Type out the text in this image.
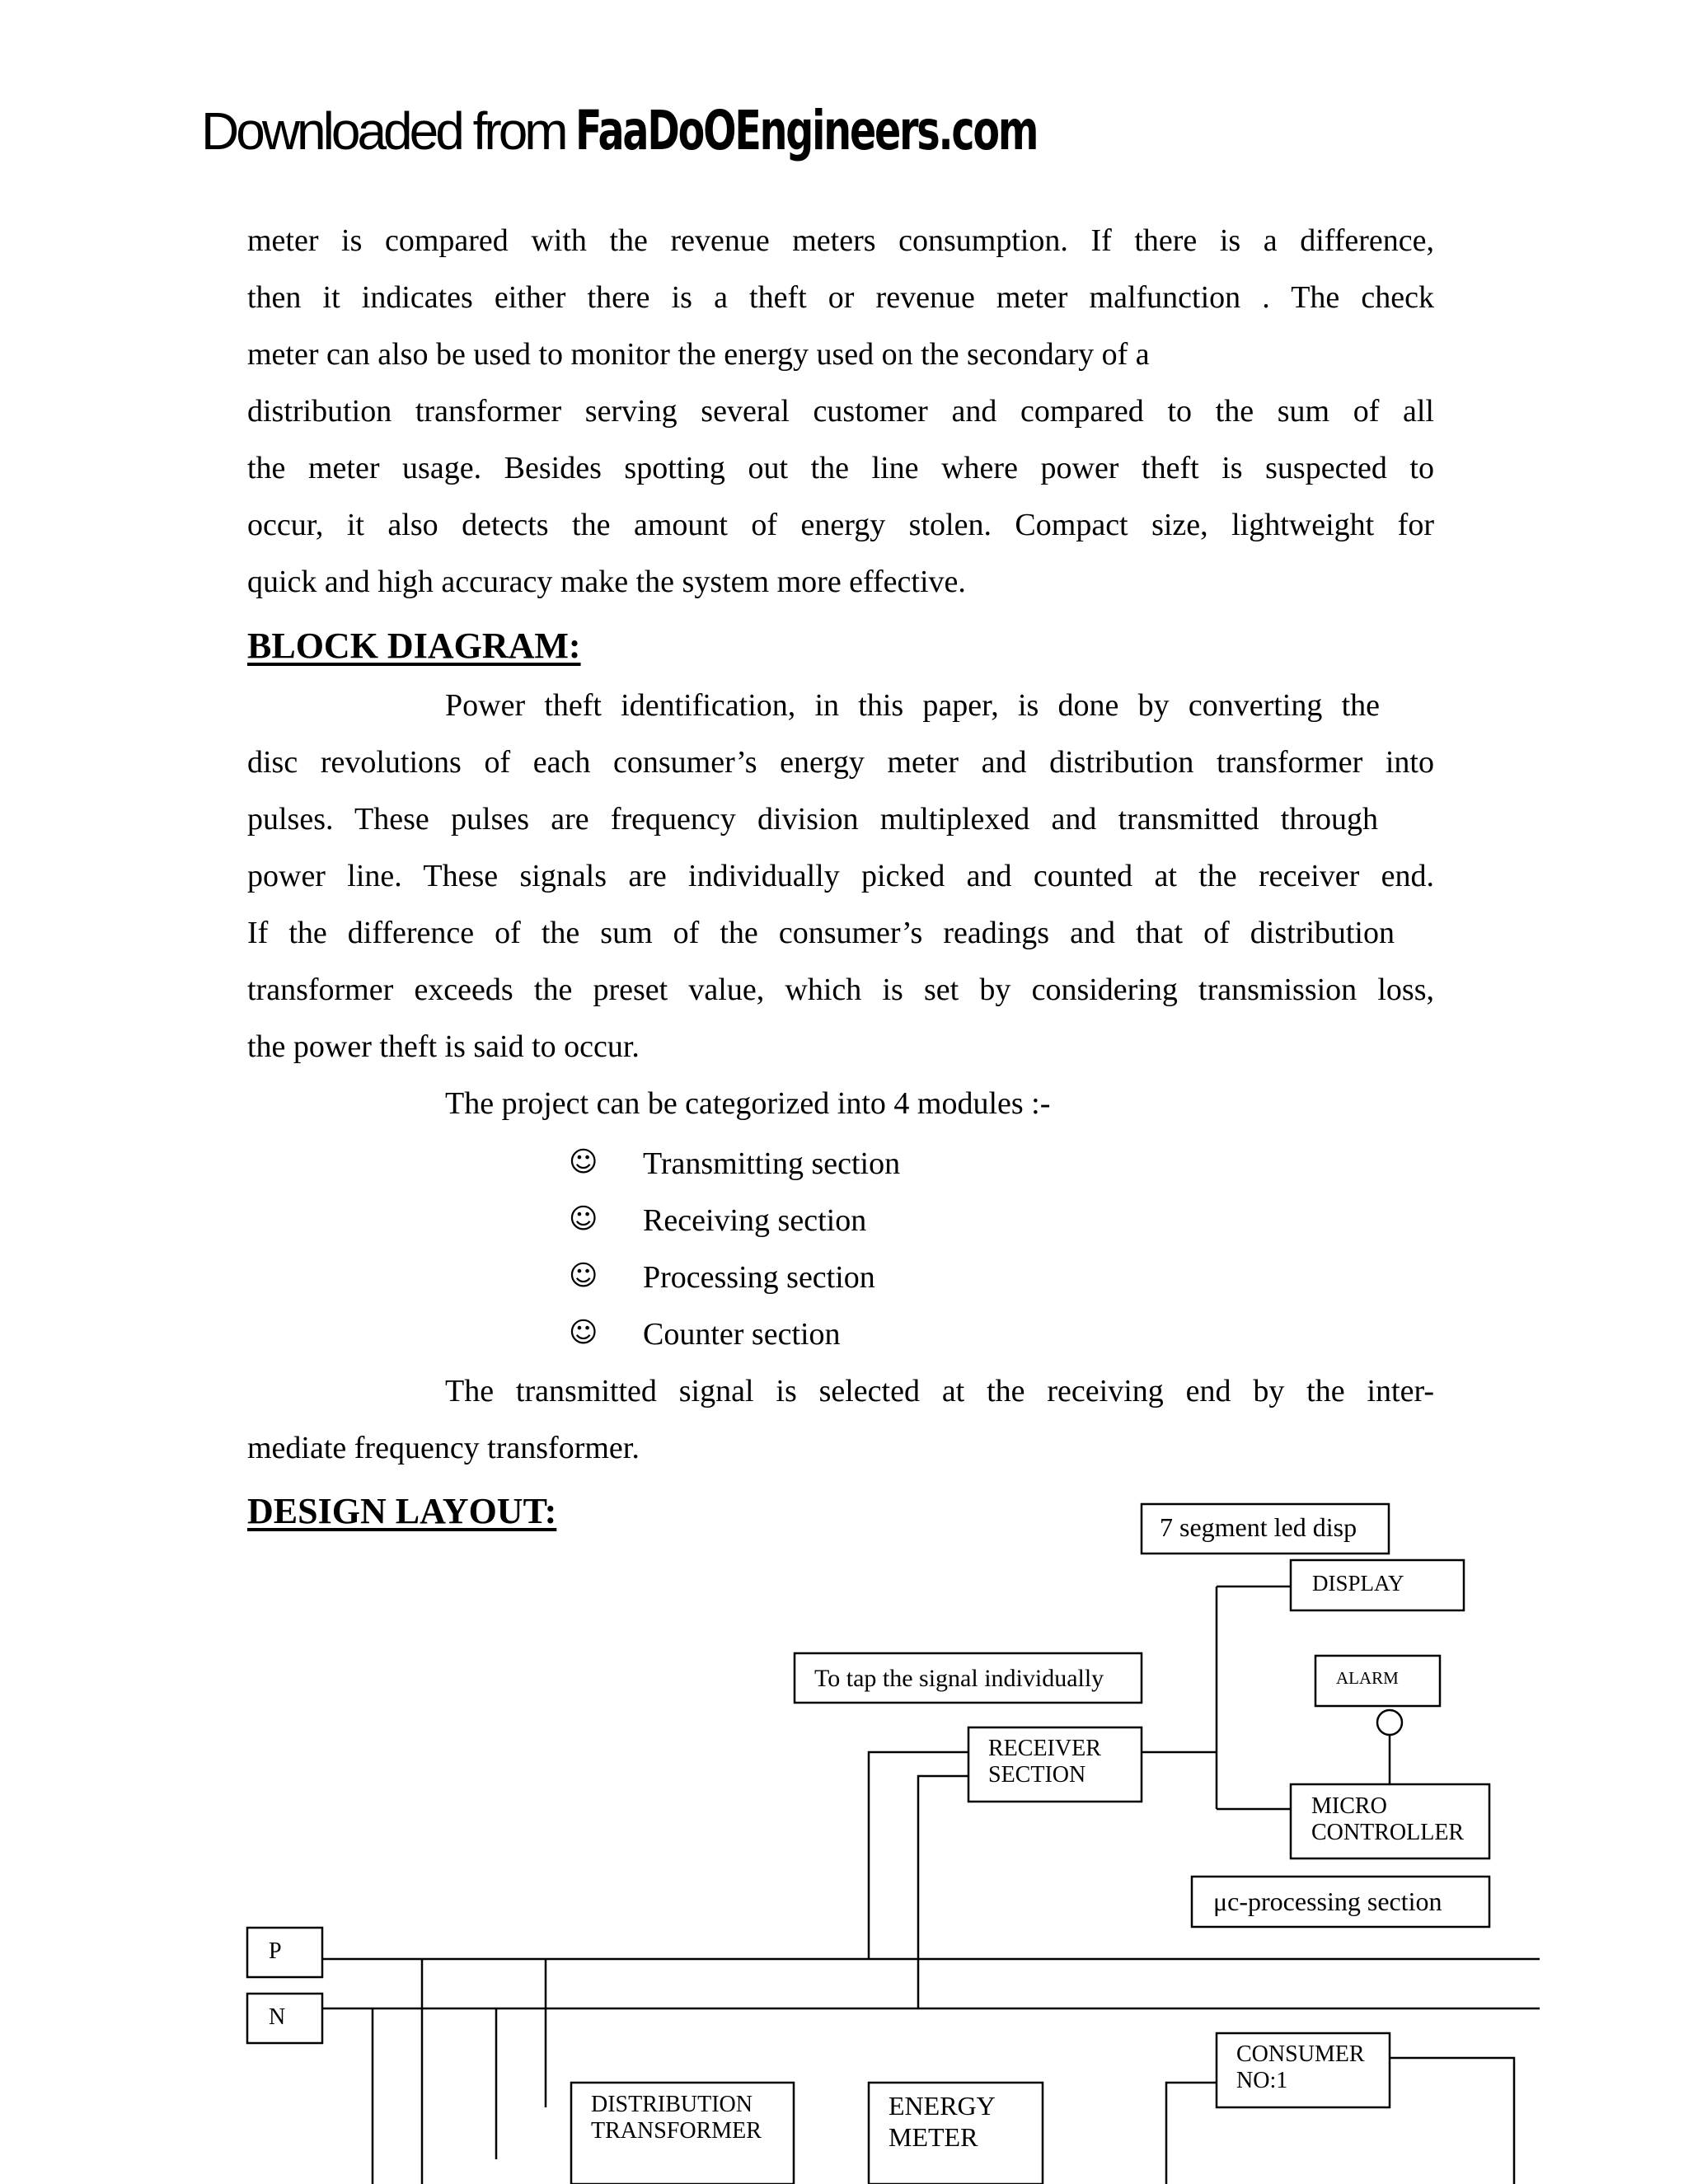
Downloaded from FaaDoOEngineers.com
meter is compared with the revenue meters consumption. If there is a difference,
then it indicates either there is a theft or revenue meter malfunction . The check
meter can also be used to monitor the energy used on the secondary of a
distribution transformer serving several customer and compared to the sum of all
the meter usage. Besides spotting out the line where power theft is suspected to
occur, it also detects the amount of energy stolen. Compact size, lightweight for
quick and high accuracy make the system more effective.
BLOCK DIAGRAM:
Power theft identification, in this paper, is done by converting the
disc revolutions of each consumer’s energy meter and distribution transformer into
pulses. These pulses are frequency division multiplexed and transmitted through
power line. These signals are individually picked and counted at the receiver end.
If the difference of the sum of the consumer’s readings and that of distribution
transformer exceeds the preset value, which is set by considering transmission loss,
the power theft is said to occur.
The project can be categorized into 4 modules :-
☺ Transmitting section
☺ Receiving section
☺ Processing section
☺ Counter section
The transmitted signal is selected at the receiving end by the inter-
mediate frequency transformer.
DESIGN LAYOUT:	7 segment led disp
DISPLAY
To tap the signal individually	ALARM
RECEIVER
SECTION
MICRO
CONTROLLER
μc-processing section
P
N
CONSUMER
NO:1
DISTRIBUTION
TRANSFORMER
ENERGY
METER
